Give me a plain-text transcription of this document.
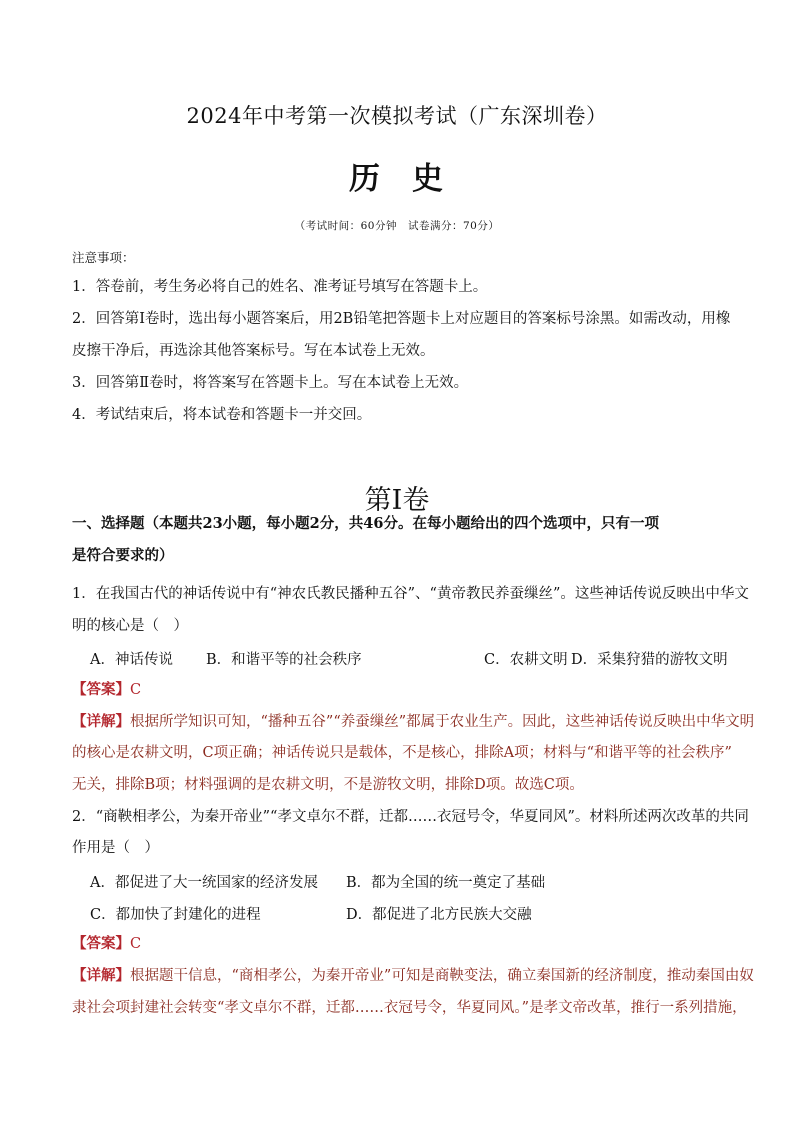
2024年中考第一次模拟考试（广东深圳卷）
历 史
（考试时间：60分钟　试卷满分：70分）
注意事项：
1．答卷前，考生务必将自己的姓名、准考证号填写在答题卡上。
2．回答第Ⅰ卷时，选出每小题答案后，用2B铅笔把答题卡上对应题目的答案标号涂黑。如需改动，用橡
皮擦干净后，再选涂其他答案标号。写在本试卷上无效。
3．回答第Ⅱ卷时，将答案写在答题卡上。写在本试卷上无效。
4．考试结束后，将本试卷和答题卡一并交回。
第Ⅰ卷
一、选择题（本题共23小题，每小题2分，共46分。在每小题给出的四个选项中，只有一项
是符合要求的）
1．在我国古代的神话传说中有“神农氏教民播种五谷”、“黄帝教民养蚕缫丝”。这些神话传说反映出中华文
明的核心是（　）
A．神话传说 B．和谐平等的社会秩序	C．农耕文明 D．采集狩猎的游牧文明
【答案】C
【详解】根据所学知识可知，“播种五谷”“养蚕缫丝”都属于农业生产。因此，这些神话传说反映出中华文明
的核心是农耕文明，C项正确；神话传说只是载体，不是核心，排除A项；材料与“和谐平等的社会秩序”
无关，排除B项；材料强调的是农耕文明，不是游牧文明，排除D项。故选C项。
2．“商鞅相孝公，为秦开帝业”“孝文卓尔不群，迁都……衣冠号令，华夏同风”。材料所述两次改革的共同
作用是（　）
A．都促进了大一统国家的经济发展 B．都为全国的统一奠定了基础
C．都加快了封建化的进程	D．都促进了北方民族大交融
【答案】C
【详解】根据题干信息，“商相孝公，为秦开帝业”可知是商鞅变法，确立秦国新的经济制度，推动秦国由奴
隶社会项封建社会转变“孝文卓尔不群，迁都……衣冠号令，华夏同风。”是孝文帝改革，推行一系列措施，
